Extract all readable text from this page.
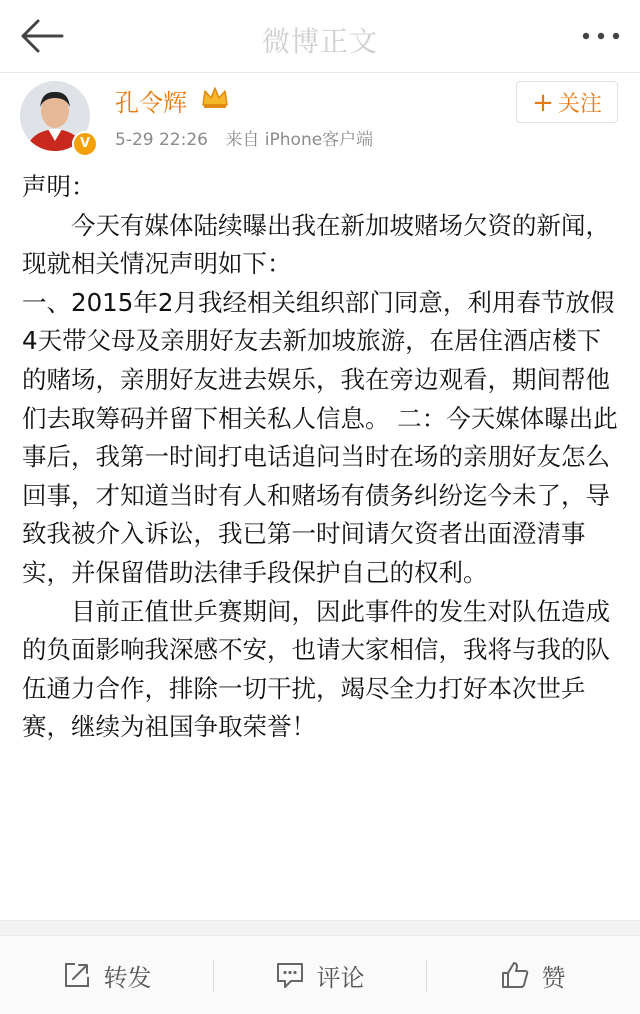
微博正文
V
孔令辉
5-29 22:26 来自 iPhone客户端
+ 关注

声明：

今天有媒体陆续曝出我在新加坡赌场欠资的新闻，现就相关情况声明如下：

一、2015年2月我经相关组织部门同意，利用春节放假4天带父母及亲朋好友去新加坡旅游，在居住酒店楼下的赌场，亲朋好友进去娱乐，我在旁边观看，期间帮他们去取筹码并留下相关私人信息。 二：今天媒体曝出此事后，我第一时间打电话追问当时在场的亲朋好友怎么回事，才知道当时有人和赌场有债务纠纷迄今未了，导致我被介入诉讼，我已第一时间请欠资者出面澄清事实，并保留借助法律手段保护自己的权利。

目前正值世乒赛期间，因此事件的发生对队伍造成的负面影响我深感不安，也请大家相信，我将与我的队伍通力合作，排除一切干扰，竭尽全力打好本次世乒赛，继续为祖国争取荣誉！

转发	评论	赞
